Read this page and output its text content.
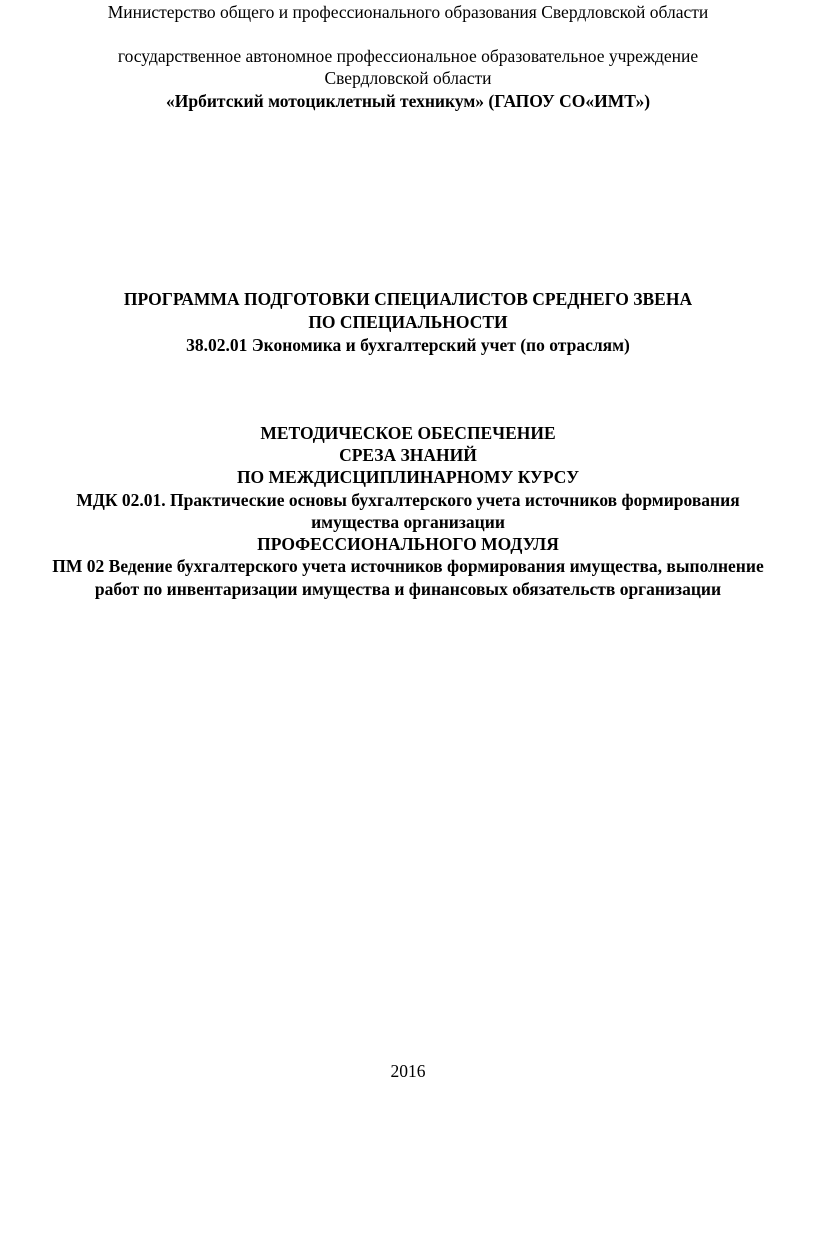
Министерство общего и профессионального образования Свердловской области
государственное автономное профессиональное образовательное учреждение
Свердловской области
«Ирбитский мотоциклетный техникум» (ГАПОУ СО«ИМТ»)
ПРОГРАММА ПОДГОТОВКИ СПЕЦИАЛИСТОВ СРЕДНЕГО ЗВЕНА
ПО СПЕЦИАЛЬНОСТИ
38.02.01 Экономика и бухгалтерский учет (по отраслям)
МЕТОДИЧЕСКОЕ ОБЕСПЕЧЕНИЕ
СРЕЗА ЗНАНИЙ
ПО МЕЖДИСЦИПЛИНАРНОМУ КУРСУ
МДК 02.01. Практические основы бухгалтерского учета источников формирования
имущества организации
ПРОФЕССИОНАЛЬНОГО МОДУЛЯ
ПМ 02 Ведение бухгалтерского учета источников формирования имущества, выполнение
работ по инвентаризации имущества и финансовых обязательств организации
2016
